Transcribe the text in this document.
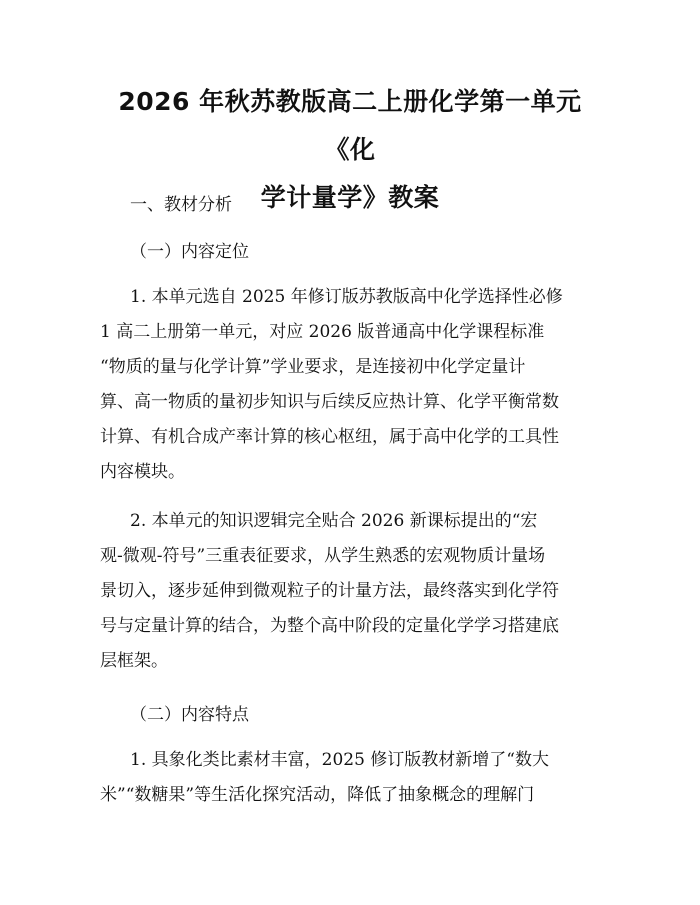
2026 年秋苏教版高二上册化学第一单元《化
学计量学》教案

一、教材分析

（一）内容定位

1. 本单元选自 2025 年修订版苏教版高中化学选择性必修
1 高二上册第一单元，对应 2026 版普通高中化学课程标准
“物质的量与化学计算”学业要求，是连接初中化学定量计
算、高一物质的量初步知识与后续反应热计算、化学平衡常数
计算、有机合成产率计算的核心枢纽，属于高中化学的工具性
内容模块。
2. 本单元的知识逻辑完全贴合 2026 新课标提出的“宏
观-微观-符号”三重表征要求，从学生熟悉的宏观物质计量场
景切入，逐步延伸到微观粒子的计量方法，最终落实到化学符
号与定量计算的结合，为整个高中阶段的定量化学学习搭建底
层框架。

（二）内容特点

1. 具象化类比素材丰富，2025 修订版教材新增了“数大
米”“数糖果”等生活化探究活动，降低了抽象概念的理解门
